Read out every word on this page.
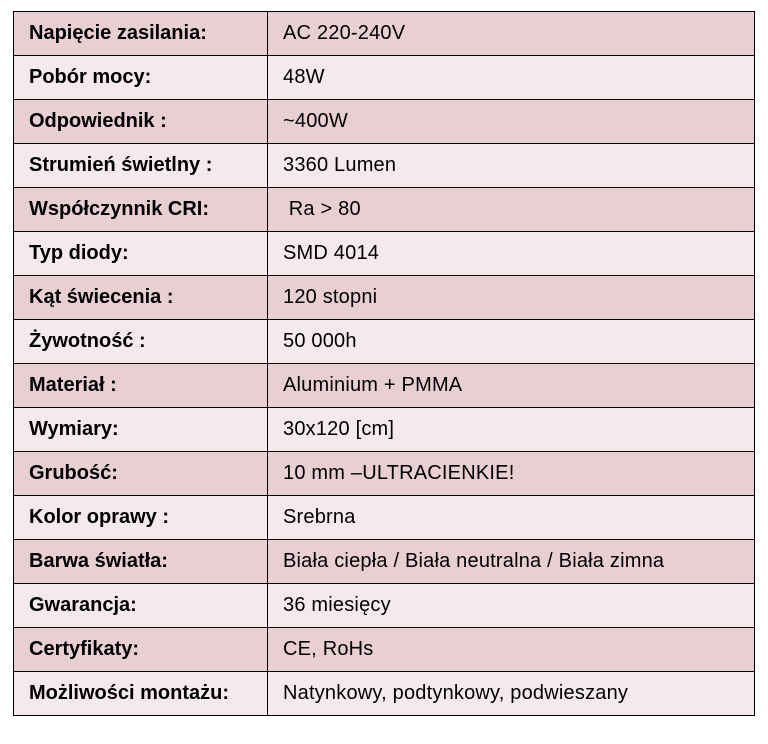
Napięcie zasilania:	AC 220-240V
Pobór mocy:	48W
Odpowiednik :	~400W
Strumień świetlny :	3360 Lumen
Współczynnik CRI:	Ra > 80
Typ diody:	SMD 4014
Kąt świecenia :	120 stopni
Żywotność :	50 000h
Materiał :	Aluminium + PMMA
Wymiary:	30x120 [cm]
Grubość:	10 mm –ULTRACIENKIE!
Kolor oprawy :	Srebrna
Barwa światła:	Biała ciepła / Biała neutralna / Biała zimna
Gwarancja:	36 miesięcy
Certyfikaty:	CE, RoHs
Możliwości montażu:	Natynkowy, podtynkowy, podwieszany
